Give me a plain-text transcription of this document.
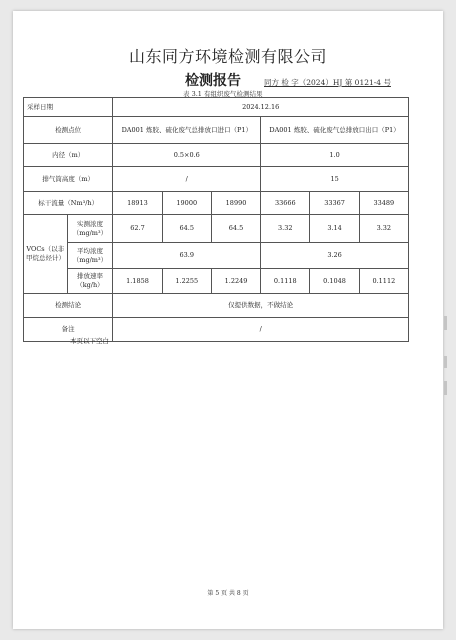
山东同方环境检测有限公司
检测报告	同方 检 字（2024）HJ 第 0121-4 号
表 3.1 有组织废气检测结果
采样日期		2024.12.16					
检测点位		DA001 炼胶、硫化废气总排放口进口（P1）			DA001 炼胶、硫化废气总排放口出口（P1）		
内径（m）		0.5×0.6			1.0		
排气筒高度（m）		/			15		
标干流量（Nm³/h）		18913	19000	18990	33666	33367	33489
VOCs（以非甲烷总烃计）	实测浓度（mg/m³）	62.7	64.5	64.5	3.32	3.14	3.32
	平均浓度（mg/m³）	63.9			3.26		
	排放速率（kg/h）	1.1858	1.2255	1.2249	0.1118	0.1048	0.1112
检测结论		仅提供数据，不做结论					
备注		/					
本页以下空白
第 5 页 共 8 页
